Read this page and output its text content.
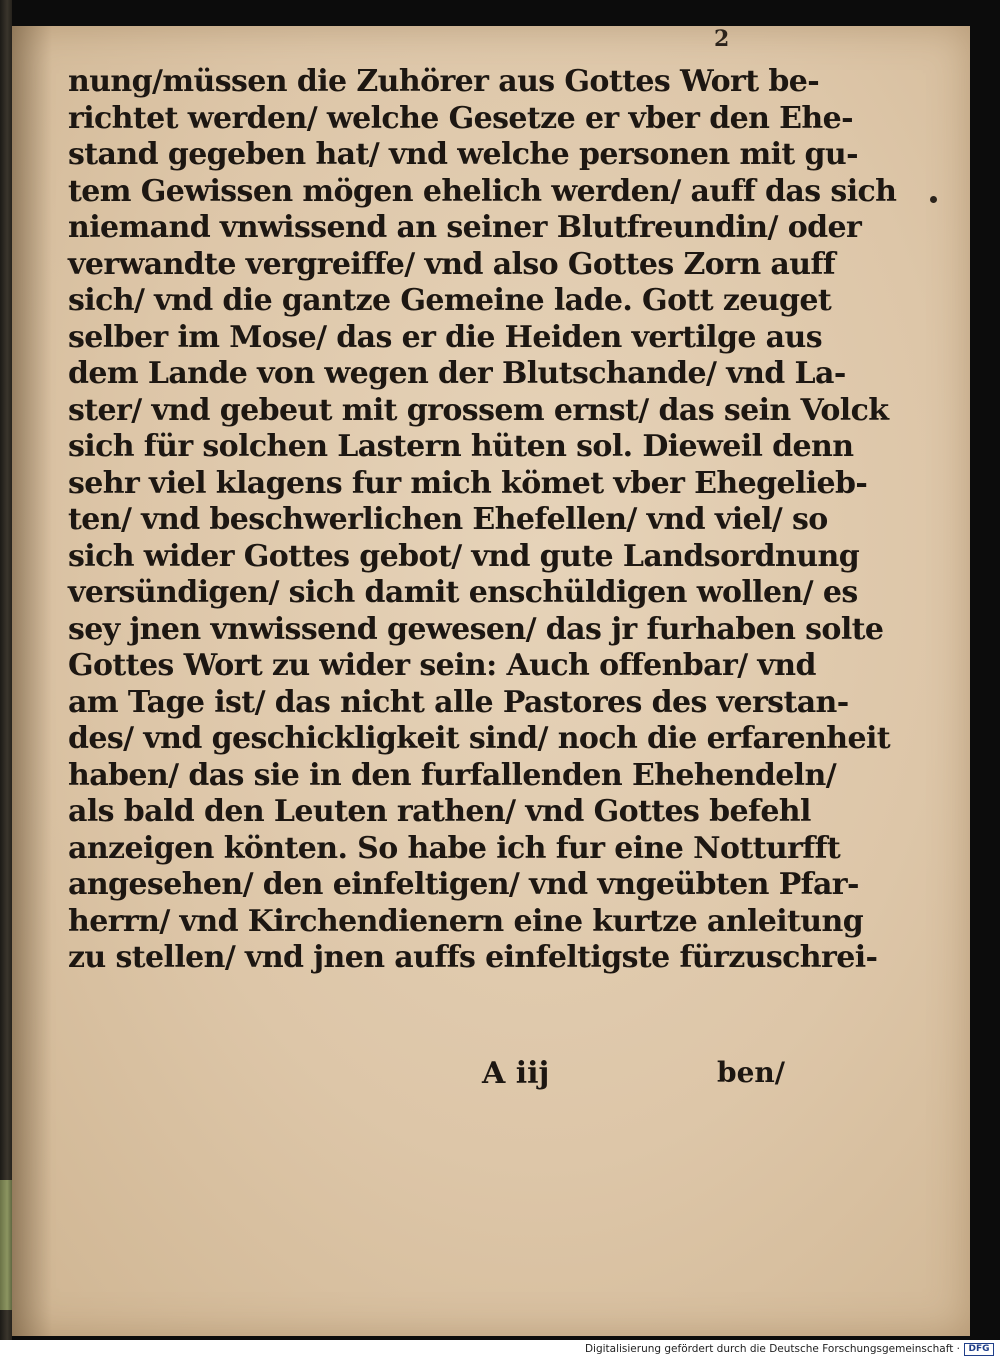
2
nung/müssen die Zuhörer aus Gottes Wort be-
richtet werden/ welche Gesetze er vber den Ehe-
stand gegeben hat/ vnd welche personen mit gu-
tem Gewissen mögen ehelich werden/ auff das sich
niemand vnwissend an seiner Blutfreundin/ oder
verwandte vergreiffe/ vnd also Gottes Zorn auff
sich/ vnd die gantze Gemeine lade. Gott zeuget
selber im Mose/ das er die Heiden vertilge aus
dem Lande von wegen der Blutschande/ vnd La-
ster/ vnd gebeut mit grossem ernst/ das sein Volck
sich für solchen Lastern hüten sol. Dieweil denn
sehr viel klagens fur mich kömet vber Ehegelieb-
ten/ vnd beschwerlichen Ehefellen/ vnd viel/ so
sich wider Gottes gebot/ vnd gute Landsordnung
versündigen/ sich damit enschüldigen wollen/ es
sey jnen vnwissend gewesen/ das jr furhaben solte
Gottes Wort zu wider sein: Auch offenbar/ vnd
am Tage ist/ das nicht alle Pastores des verstan-
des/ vnd geschickligkeit sind/ noch die erfarenheit
haben/ das sie in den furfallenden Ehehendeln/
als bald den Leuten rathen/ vnd Gottes befehl
anzeigen könten. So habe ich fur eine Notturfft
angesehen/ den einfeltigen/ vnd vngeübten Pfar-
herrn/ vnd Kirchendienern eine kurtze anleitung
zu stellen/ vnd jnen auffs einfeltigste fürzuschrei-
A iij	ben/
Digitalisierung gefördert durch die Deutsche Forschungsgemeinschaft · DFG
